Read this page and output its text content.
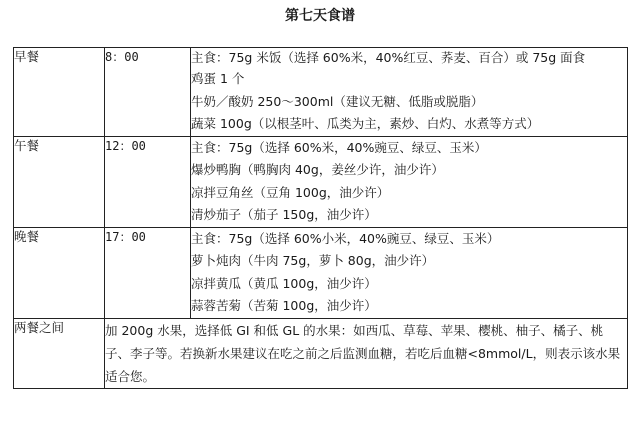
第七天食谱
早餐	8：00	主食：75g 米饭（选择 60%米，40%红豆、荞麦、百合）或 75g 面食
鸡蛋 1 个
牛奶／酸奶 250～300ml（建议无糖、低脂或脱脂）
蔬菜 100g（以根茎叶、瓜类为主，素炒、白灼、水煮等方式）

午餐	12：00	主食：75g（选择 60%米，40%豌豆、绿豆、玉米）
爆炒鸭胸（鸭胸肉 40g，姜丝少许，油少许）
凉拌豆角丝（豆角 100g，油少许）
清炒茄子（茄子 150g，油少许）

晚餐	17：00	主食：75g（选择 60%小米，40%豌豆、绿豆、玉米）
萝卜炖肉（牛肉 75g，萝卜 80g，油少许）
凉拌黄瓜（黄瓜 100g，油少许）
蒜蓉苦菊（苦菊 100g，油少许）

两餐之间	加 200g 水果，选择低 GI 和低 GL 的水果：如西瓜、草莓、苹果、樱桃、柚子、橘子、桃子、李子等。若换新水果建议在吃之前之后监测血糖，若吃后血糖<8mmol/L，则表示该水果适合您。	
